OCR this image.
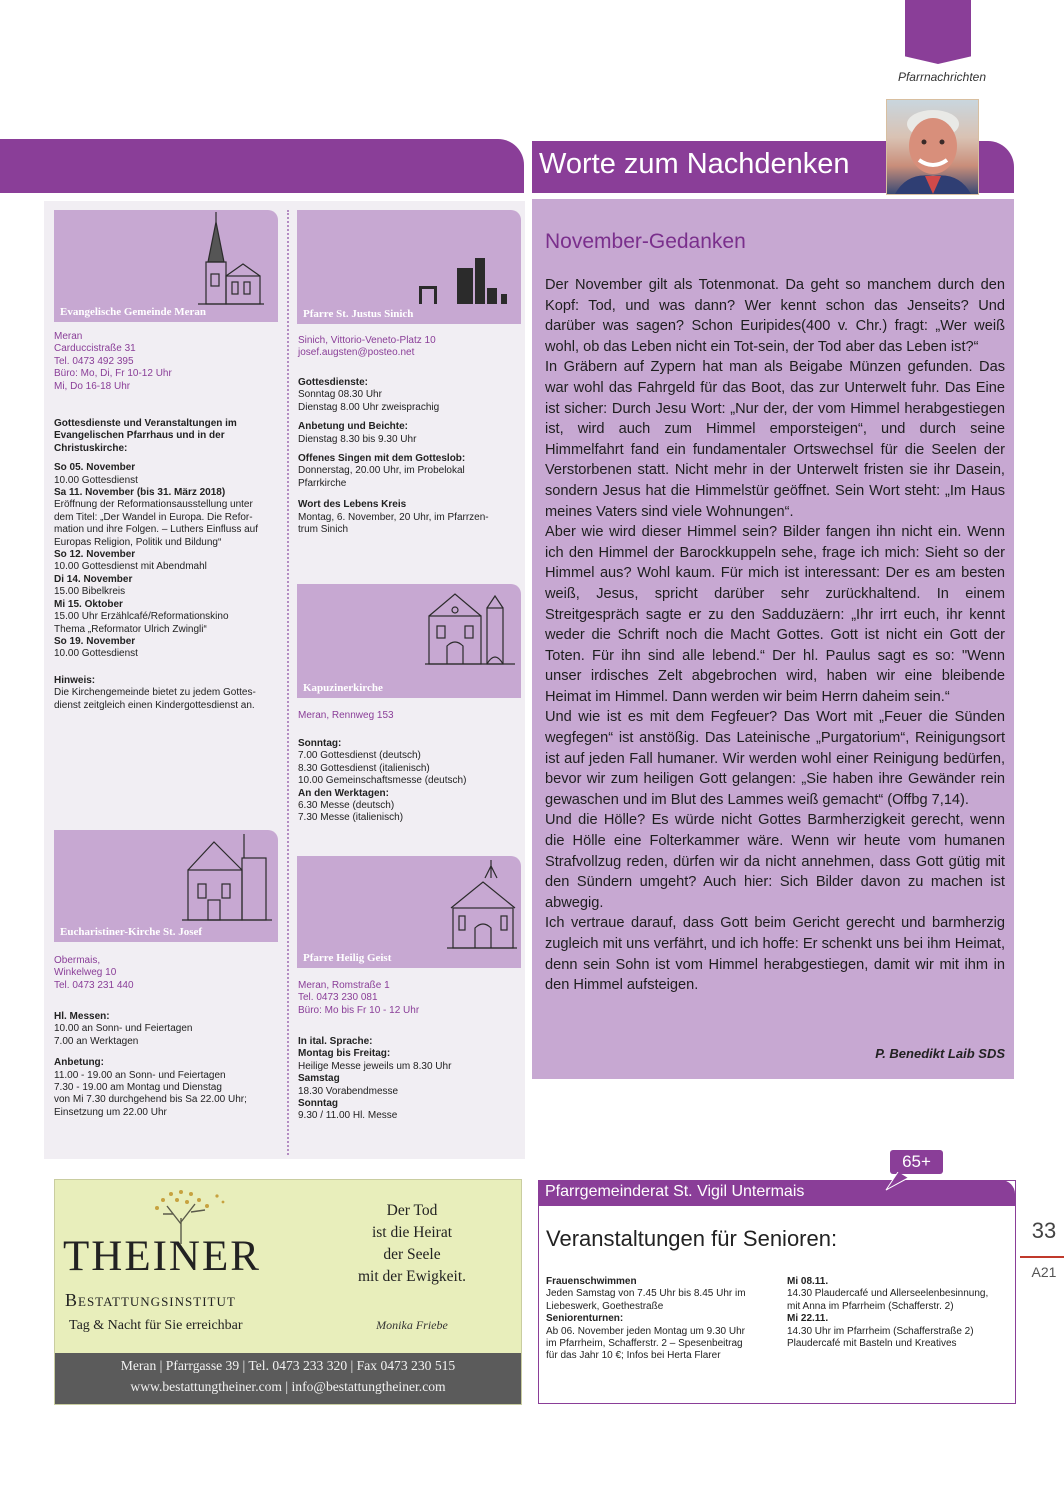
Pfarrnachrichten
Worte zum Nachdenken
Evangelische Gemeinde Meran
Meran
Carduccistraße 31
Tel. 0473 492 395
Büro: Mo, Di, Fr 10-12 Uhr
Mi, Do 16-18 Uhr
Gottesdienste und Veranstaltungen im
Evangelischen Pfarrhaus und in der
Christuskirche:
So 05. November
10.00 Gottesdienst
Sa 11. November (bis 31. März 2018)
Eröffnung der Reformationsausstellung unter
dem Titel: „Der Wandel in Europa. Die Refor-
mation und ihre Folgen. – Luthers Einfluss auf
Europas Religion, Politik und Bildung“
So 12. November
10.00 Gottesdienst mit Abendmahl
Di 14. November
15.00 Bibelkreis
Mi 15. Oktober
15.00 Uhr Erzählcafé/Reformationskino
Thema „Reformator Ulrich Zwingli“
So 19. November
10.00 Gottesdienst
Hinweis:
Die Kirchengemeinde bietet zu jedem Gottes-
dienst zeitgleich einen Kindergottesdienst an.
Eucharistiner-Kirche St. Josef
Obermais,
Winkelweg 10
Tel. 0473 231 440
Hl. Messen:
10.00 an Sonn- und Feiertagen
7.00 an Werktagen
Anbetung:
11.00 - 19.00 an Sonn- und Feiertagen
7.30 - 19.00 am Montag und Dienstag
von Mi 7.30 durchgehend bis Sa 22.00 Uhr;
Einsetzung um 22.00 Uhr
Pfarre St. Justus Sinich
Sinich, Vittorio-Veneto-Platz 10
josef.augsten@posteo.net
Gottesdienste:
Sonntag 08.30 Uhr
Dienstag 8.00 Uhr zweisprachig
Anbetung und Beichte:
Dienstag 8.30 bis 9.30 Uhr
Offenes Singen mit dem Gotteslob:
Donnerstag, 20.00 Uhr, im Probelokal
Pfarrkirche
Wort des Lebens Kreis
Montag, 6. November, 20 Uhr, im Pfarrzen-
trum Sinich
Kapuzinerkirche
Meran, Rennweg 153
Sonntag:
7.00 Gottesdienst (deutsch)
8.30 Gottesdienst (italienisch)
10.00 Gemeinschaftsmesse (deutsch)
An den Werktagen:
6.30 Messe (deutsch)
7.30 Messe (italienisch)
Pfarre Heilig Geist
Meran, Romstraße 1
Tel. 0473 230 081
Büro: Mo bis Fr 10 - 12 Uhr
In ital. Sprache:
Montag bis Freitag:
Heilige Messe jeweils um 8.30 Uhr
Samstag
18.30 Vorabendmesse
Sonntag
9.30 / 11.00 Hl. Messe
November-Gedanken

Der November gilt als Totenmonat. Da geht so manchem durch den Kopf: Tod, und was dann? Wer kennt schon das Jenseits? Und darüber was sagen? Schon Euripides(400 v. Chr.) fragt: „Wer weiß wohl, ob das Leben nicht ein Tot-sein, der Tod aber das Leben ist?“

In Gräbern auf Zypern hat man als Beigabe Münzen gefunden. Das war wohl das Fahrgeld für das Boot, das zur Unterwelt fuhr. Das Eine ist sicher: Durch Jesu Wort: „Nur der, der vom Himmel herabgestiegen ist, wird auch zum Himmel emporsteigen“, und durch seine Himmelfahrt fand ein fundamentaler Ortswechsel für die Seelen der Verstorbenen statt. Nicht mehr in der Unterwelt fristen sie ihr Dasein, sondern Jesus hat die Himmelstür geöffnet. Sein Wort steht: „Im Haus meines Vaters sind viele Wohnungen“.

Aber wie wird dieser Himmel sein? Bilder fangen ihn nicht ein. Wenn ich den Himmel der Barockkuppeln sehe, frage ich mich: Sieht so der Himmel aus? Wohl kaum. Für mich ist interessant: Der es am besten weiß, Jesus, spricht darüber sehr zurückhaltend. In einem Streitgespräch sagte er zu den Sadduzäern: „Ihr irrt euch, ihr kennt weder die Schrift noch die Macht Gottes. Gott ist nicht ein Gott der Toten. Für ihn sind alle lebend.“ Der hl. Paulus sagt es so: "Wenn unser irdisches Zelt abgebrochen wird, haben wir eine bleibende Heimat im Himmel. Dann werden wir beim Herrn daheim sein.“

Und wie ist es mit dem Fegfeuer? Das Wort mit „Feuer die Sünden wegfegen“ ist anstößig. Das Lateinische „Purgatorium“, Reinigungsort ist auf jeden Fall humaner. Wir werden wohl einer Reinigung bedürfen, bevor wir zum heiligen Gott gelangen: „Sie haben ihre Gewänder rein gewaschen und im Blut des Lammes weiß gemacht“ (Offbg 7,14).

Und die Hölle? Es würde nicht Gottes Barmherzigkeit gerecht, wenn die Hölle eine Folterkammer wäre. Wenn wir heute vom humanen Strafvollzug reden, dürfen wir da nicht annehmen, dass Gott gütig mit den Sündern umgeht? Auch hier: Sich Bilder davon zu machen ist abwegig.

Ich vertraue darauf, dass Gott beim Gericht gerecht und barmherzig zugleich mit uns verfährt, und ich hoffe: Er schenkt uns bei ihm Heimat, denn sein Sohn ist vom Himmel herabgestiegen, damit wir mit ihm in den Himmel aufsteigen.

P. Benedikt Laib SDS
THEINER
Bestattungsinstitut
Tag & Nacht für Sie erreichbar
Der Tod
ist die Heirat
der Seele
mit der Ewigkeit.
Monika Friebe
Meran | Pfarrgasse 39 | Tel. 0473 233 320 | Fax 0473 230 515
www.bestattungtheiner.com | info@bestattungtheiner.com
Pfarrgemeinderat St. Vigil Untermais
65+
Veranstaltungen für Senioren:
Frauenschwimmen
Jeden Samstag von 7.45 Uhr bis 8.45 Uhr im
Liebeswerk, Goethestraße
Seniorenturnen:
Ab 06. November jeden Montag um 9.30 Uhr
im Pfarrheim, Schafferstr. 2 – Spesenbeitrag
für das Jahr 10 €; Infos bei Herta Flarer
Mi 08.11.
14.30 Plaudercafé und Allerseelenbesinnung,
mit Anna im Pfarrheim (Schafferstr. 2)
Mi 22.11.
14.30 Uhr im Pfarrheim (Schafferstraße 2)
Plaudercafé mit Basteln und Kreatives
33
A21
